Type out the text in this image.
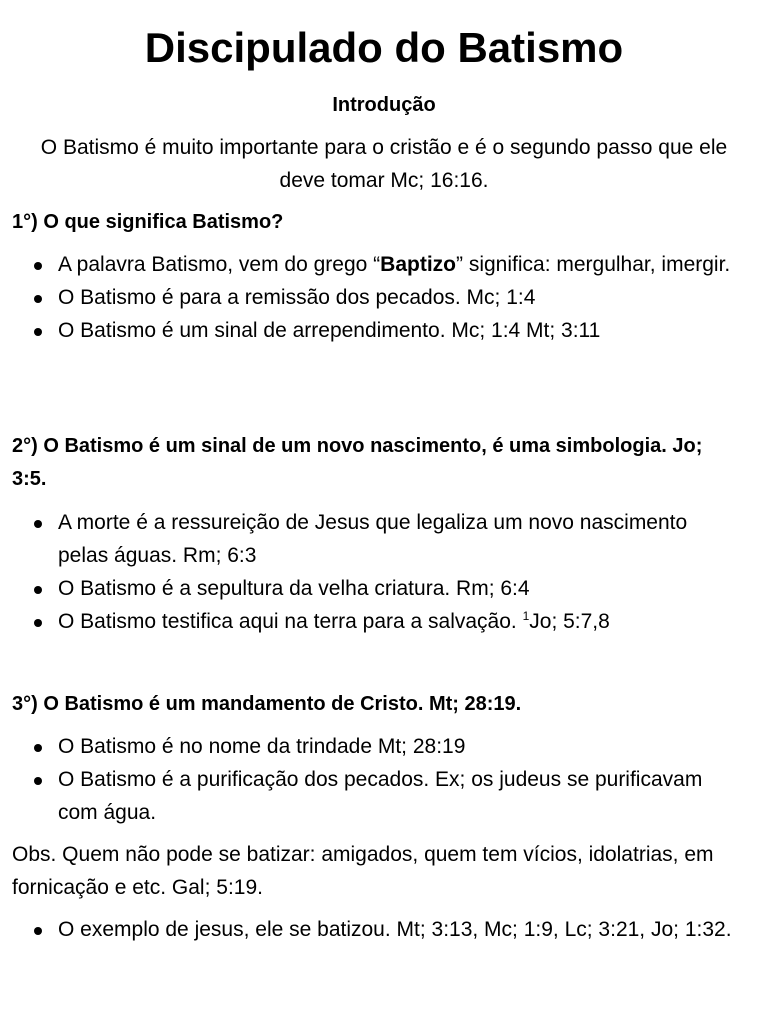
Discipulado do Batismo
Introdução

O Batismo é muito importante para o cristão e é o segundo passo que ele deve tomar Mc; 16:16.

1°) O que significa Batismo?
A palavra Batismo, vem do grego “Baptizo” significa: mergulhar, imergir.
O Batismo é para a remissão dos pecados. Mc; 1:4
O Batismo é um sinal de arrependimento. Mc; 1:4 Mt; 3:11
2°) O Batismo é um sinal de um novo nascimento, é uma simbologia. Jo; 3:5.
A morte é a ressureição de Jesus que legaliza um novo nascimento pelas águas. Rm; 6:3
O Batismo é a sepultura da velha criatura. Rm; 6:4
O Batismo testifica aqui na terra para a salvação. $^1$Jo; 5:7,8
3°) O Batismo é um mandamento de Cristo. Mt; 28:19.
O Batismo é no nome da trindade Mt; 28:19
O Batismo é a purificação dos pecados. Ex; os judeus se purificavam com água.

Obs. Quem não pode se batizar: amigados, quem tem vícios, idolatrias, em fornicação e etc. Gal; 5:19.

O exemplo de jesus, ele se batizou. Mt; 3:13, Mc; 1:9, Lc; 3:21, Jo; 1:32.
